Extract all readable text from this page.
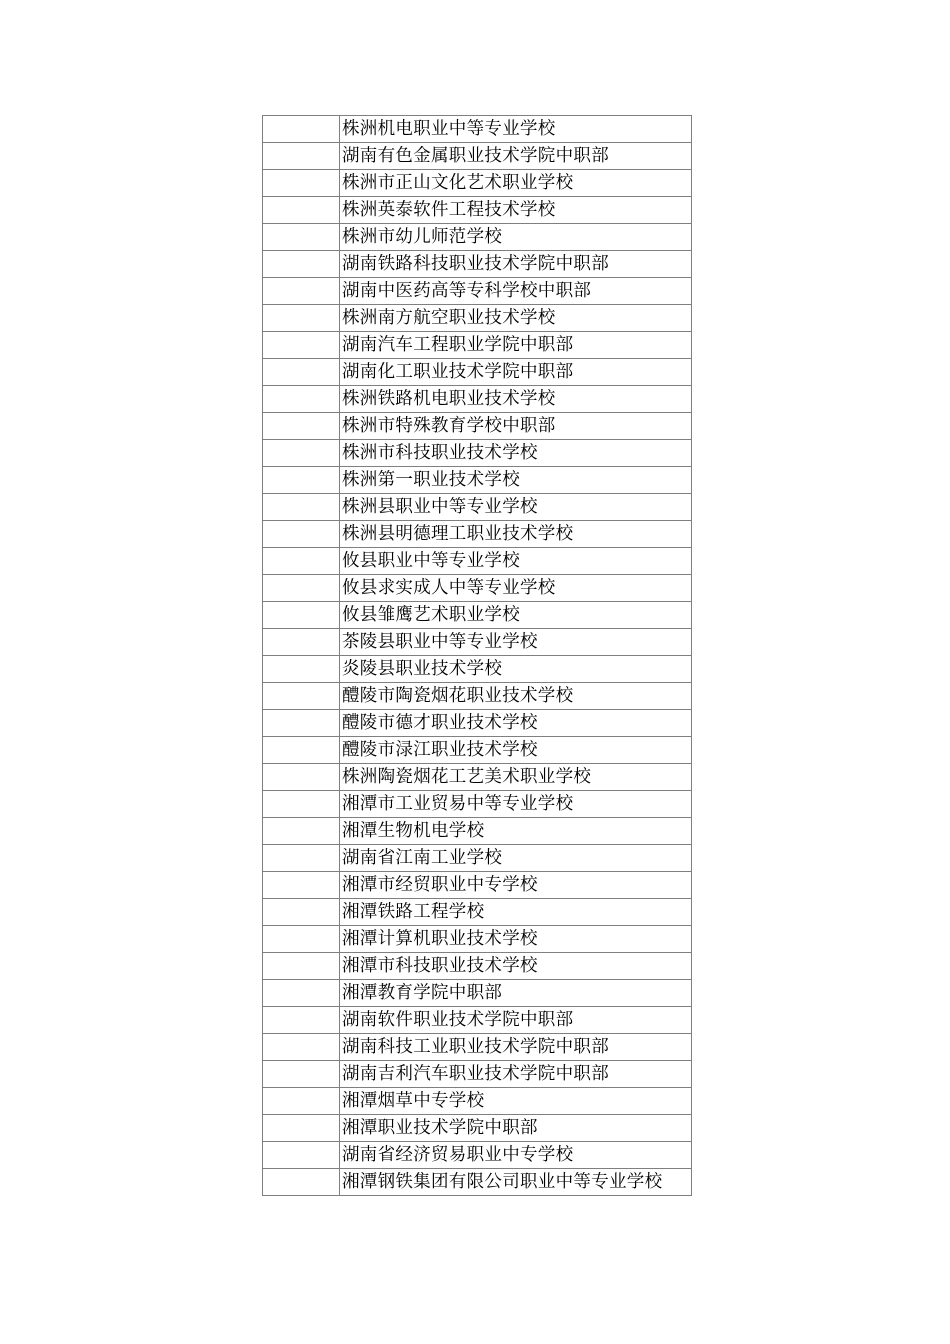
	株洲机电职业中等专业学校
	湖南有色金属职业技术学院中职部
	株洲市正山文化艺术职业学校
	株洲英泰软件工程技术学校
	株洲市幼儿师范学校
	湖南铁路科技职业技术学院中职部
	湖南中医药高等专科学校中职部
	株洲南方航空职业技术学校
	湖南汽车工程职业学院中职部
	湖南化工职业技术学院中职部
	株洲铁路机电职业技术学校
	株洲市特殊教育学校中职部
	株洲市科技职业技术学校
	株洲第一职业技术学校
	株洲县职业中等专业学校
	株洲县明德理工职业技术学校
	攸县职业中等专业学校
	攸县求实成人中等专业学校
	攸县雏鹰艺术职业学校
	茶陵县职业中等专业学校
	炎陵县职业技术学校
	醴陵市陶瓷烟花职业技术学校
	醴陵市德才职业技术学校
	醴陵市渌江职业技术学校
	株洲陶瓷烟花工艺美术职业学校
	湘潭市工业贸易中等专业学校
	湘潭生物机电学校
	湖南省江南工业学校
	湘潭市经贸职业中专学校
	湘潭铁路工程学校
	湘潭计算机职业技术学校
	湘潭市科技职业技术学校
	湘潭教育学院中职部
	湖南软件职业技术学院中职部
	湖南科技工业职业技术学院中职部
	湖南吉利汽车职业技术学院中职部
	湘潭烟草中专学校
	湘潭职业技术学院中职部
	湖南省经济贸易职业中专学校
	湘潭钢铁集团有限公司职业中等专业学校
